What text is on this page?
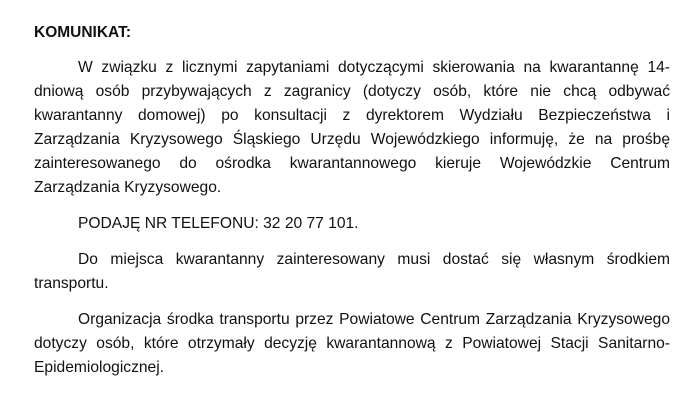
KOMUNIKAT:

W związku z licznymi zapytaniami dotyczącymi skierowania na kwarantannę 14-dniową osób przybywających z zagranicy (dotyczy osób, które nie chcą odbywać kwarantanny domowej) po konsultacji z dyrektorem Wydziału Bezpieczeństwa i Zarządzania Kryzysowego Śląskiego Urzędu Wojewódzkiego informuję, że na prośbę zainteresowanego do ośrodka kwarantannowego kieruje Wojewódzkie Centrum Zarządzania Kryzysowego.

PODAJĘ NR TELEFONU: 32 20 77 101.

Do miejsca kwarantanny zainteresowany musi dostać się własnym środkiem transportu.

Organizacja środka transportu przez Powiatowe Centrum Zarządzania Kryzysowego dotyczy osób, które otrzymały decyzję kwarantannową z Powiatowej Stacji Sanitarno-Epidemiologicznej.
